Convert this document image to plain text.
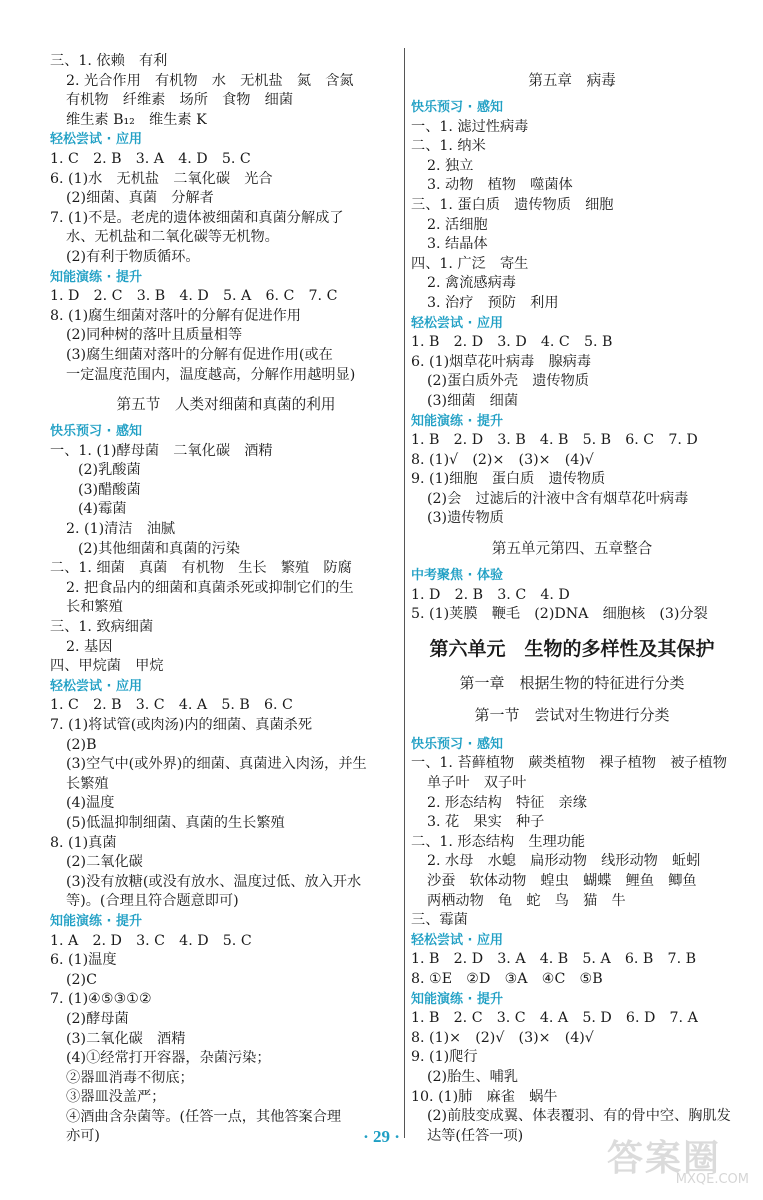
三、1. 依赖　有利
2. 光合作用　有机物　水　无机盐　氮　含氮
有机物　纤维素　场所　食物　细菌
维生素 B₁₂　维生素 K
轻松尝试 · 应用
1. C　2. B　3. A　4. D　5. C
6. (1)水　无机盐　二氧化碳　光合
(2)细菌、真菌　分解者
7. (1)不是。老虎的遗体被细菌和真菌分解成了
水、无机盐和二氧化碳等无机物。
(2)有利于物质循环。
知能演练 · 提升
1. D　2. C　3. B　4. D　5. A　6. C　7. C
8. (1)腐生细菌对落叶的分解有促进作用
(2)同种树的落叶且质量相等
(3)腐生细菌对落叶的分解有促进作用(或在
一定温度范围内，温度越高，分解作用越明显)
第五节　人类对细菌和真菌的利用
快乐预习 · 感知
一、1. (1)酵母菌　二氧化碳　酒精
(2)乳酸菌
(3)醋酸菌
(4)霉菌
2. (1)清洁　油腻
(2)其他细菌和真菌的污染
二、1. 细菌　真菌　有机物　生长　繁殖　防腐
2. 把食品内的细菌和真菌杀死或抑制它们的生
长和繁殖
三、1. 致病细菌
2. 基因
四、甲烷菌　甲烷
轻松尝试 · 应用
1. C　2. B　3. C　4. A　5. B　6. C
7. (1)将试管(或肉汤)内的细菌、真菌杀死
(2)B
(3)空气中(或外界)的细菌、真菌进入肉汤，并生
长繁殖
(4)温度
(5)低温抑制细菌、真菌的生长繁殖
8. (1)真菌
(2)二氧化碳
(3)没有放糖(或没有放水、温度过低、放入开水
等)。(合理且符合题意即可)
知能演练 · 提升
1. A　2. D　3. C　4. D　5. C
6. (1)温度
(2)C
7. (1)④⑤③①②
(2)酵母菌
(3)二氧化碳　酒精
(4)①经常打开容器，杂菌污染；
②器皿消毒不彻底；
③器皿没盖严；
④酒曲含杂菌等。(任答一点，其他答案合理
亦可)
第五章　病毒
快乐预习 · 感知
一、1. 滤过性病毒
二、1. 纳米
2. 独立
3. 动物　植物　噬菌体
三、1. 蛋白质　遗传物质　细胞
2. 活细胞
3. 结晶体
四、1. 广泛　寄生
2. 禽流感病毒
3. 治疗　预防　利用
轻松尝试 · 应用
1. B　2. D　3. D　4. C　5. B
6. (1)烟草花叶病毒　腺病毒
(2)蛋白质外壳　遗传物质
(3)细菌　细菌
知能演练 · 提升
1. B　2. D　3. B　4. B　5. B　6. C　7. D
8. (1)√　(2)×　(3)×　(4)√
9. (1)细胞　蛋白质　遗传物质
(2)会　过滤后的汁液中含有烟草花叶病毒
(3)遗传物质
第五单元第四、五章整合
中考聚焦 · 体验
1. D　2. B　3. C　4. D
5. (1)荚膜　鞭毛　(2)DNA　细胞核　(3)分裂
第六单元　生物的多样性及其保护
第一章　根据生物的特征进行分类
第一节　尝试对生物进行分类
快乐预习 · 感知
一、1. 苔藓植物　蕨类植物　裸子植物　被子植物
单子叶　双子叶
2. 形态结构　特征　亲缘
3. 花　果实　种子
二、1. 形态结构　生理功能
2. 水母　水螅　扁形动物　线形动物　蚯蚓
沙蚕　软体动物　蝗虫　蝴蝶　鲤鱼　鲫鱼
两栖动物　龟　蛇　鸟　猫　牛
三、霉菌
轻松尝试 · 应用
1. B　2. D　3. A　4. B　5. A　6. B　7. B
8. ①E　②D　③A　④C　⑤B
知能演练 · 提升
1. B　2. C　3. C　4. A　5. D　6. D　7. A
8. (1)×　(2)√　(3)×　(4)√
9. (1)爬行
(2)胎生、哺乳
10. (1)肺　麻雀　蜗牛
(2)前肢变成翼、体表覆羽、有的骨中空、胸肌发
达等(任答一项)
· 29 ·
答案圈
MXQE.COM
